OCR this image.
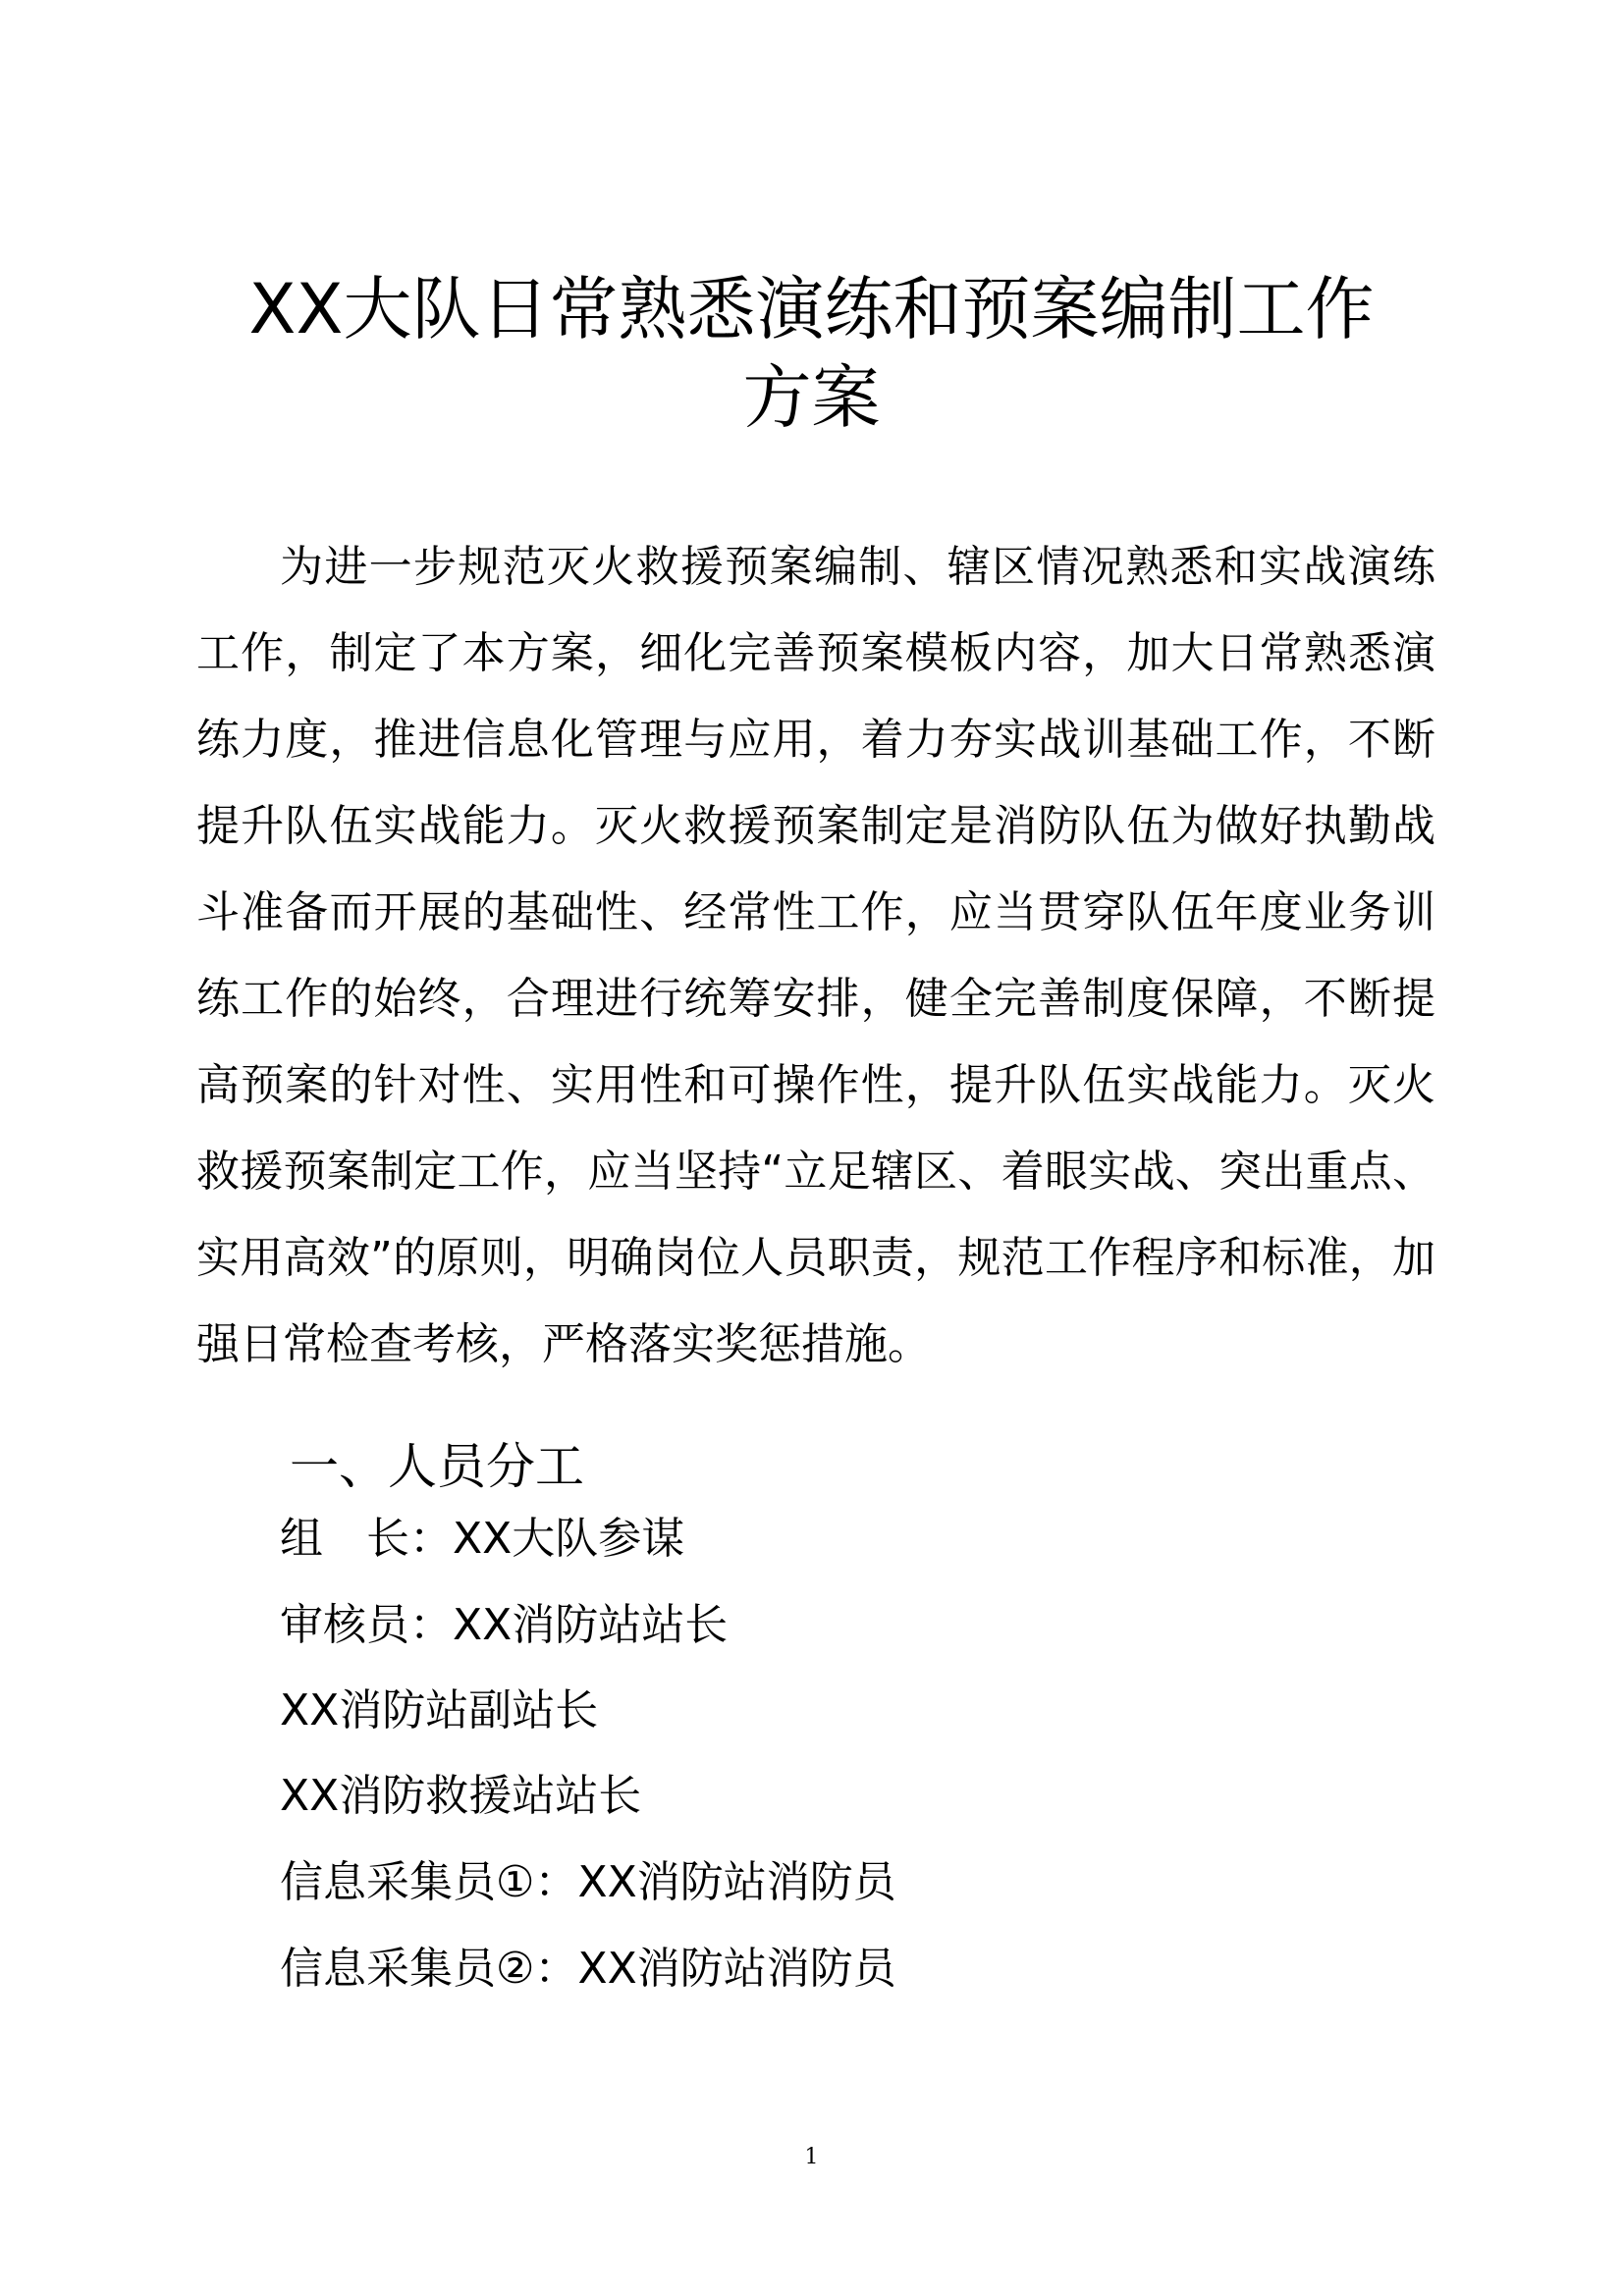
XX大队日常熟悉演练和预案编制工作
方案
为进一步规范灭火救援预案编制、辖区情况熟悉和实战演练
工作，制定了本方案，细化完善预案模板内容，加大日常熟悉演
练力度，推进信息化管理与应用，着力夯实战训基础工作，不断
提升队伍实战能力。灭火救援预案制定是消防队伍为做好执勤战
斗准备而开展的基础性、经常性工作，应当贯穿队伍年度业务训
练工作的始终，合理进行统筹安排，健全完善制度保障，不断提
高预案的针对性、实用性和可操作性，提升队伍实战能力。灭火
救援预案制定工作，应当坚持“立足辖区、着眼实战、突出重点、
实用高效”的原则，明确岗位人员职责，规范工作程序和标准，加
强日常检查考核，严格落实奖惩措施。
一、人员分工
组　长：XX大队参谋
审核员：XX消防站站长
XX消防站副站长
XX消防救援站站长
信息采集员①：XX消防站消防员
信息采集员②：XX消防站消防员
1
